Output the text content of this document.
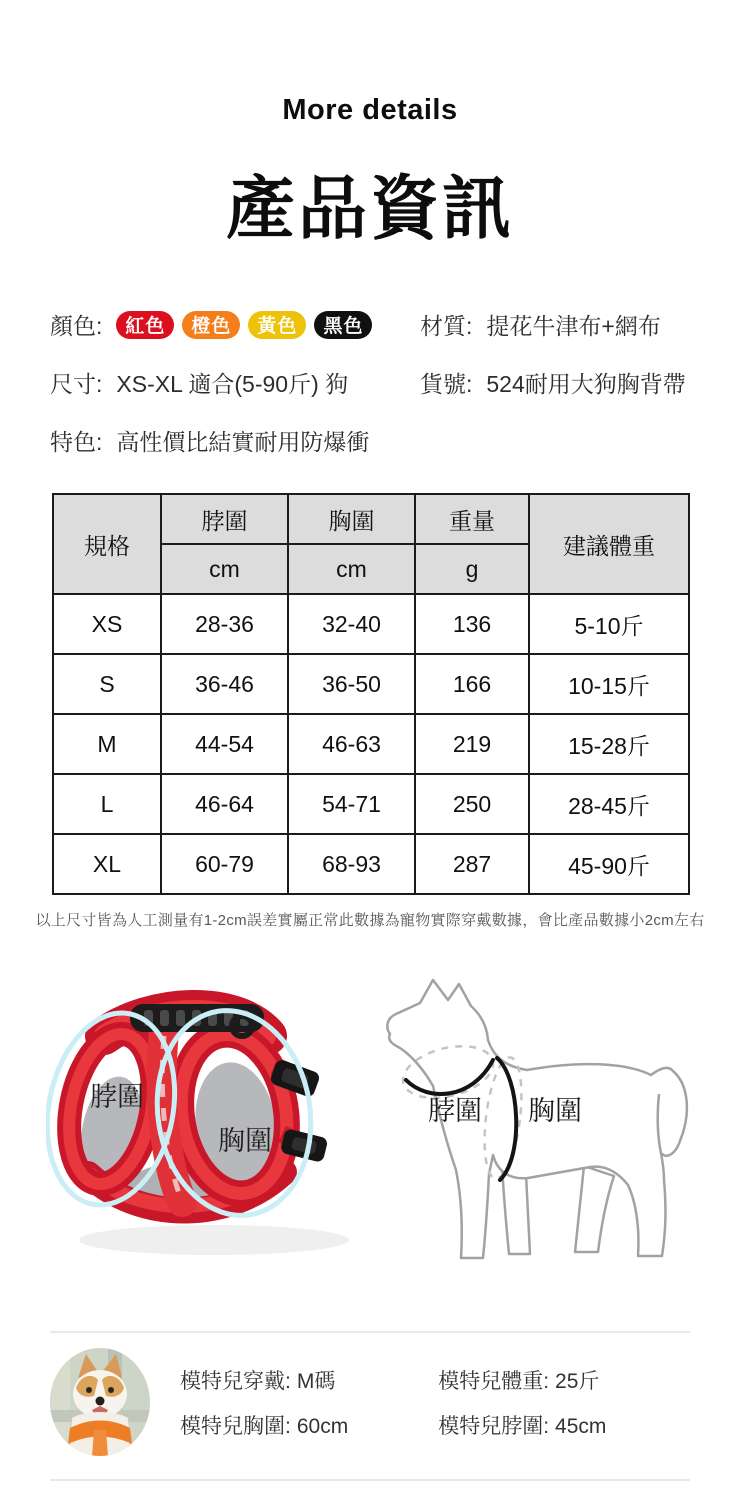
More details
產品資訊
顏色:	紅色	橙色	黃色	黑色	材質: 提花牛津布+網布
尺寸: XS-XL 適合(5-90斤) 狗	貨號: 524耐用大狗胸背帶
特色: 高性價比結實耐用防爆衝
規格	脖圍	胸圍	重量	建議體重
	cm	cm	g	
XS	28-36	32-40	136	5-10斤
S	36-46	36-50	166	10-15斤
M	44-54	46-63	219	15-28斤
L	46-64	54-71	250	28-45斤
XL	60-79	68-93	287	45-90斤
以上尺寸皆為人工測量有1-2cm誤差實屬正常此數據為寵物實際穿戴數據，會比產品數據小2cm左右
脖圍
胸圍
脖圍 胸圍
模特兒穿戴: M碼
模特兒胸圍: 60cm
模特兒體重: 25斤
模特兒脖圍: 45cm
